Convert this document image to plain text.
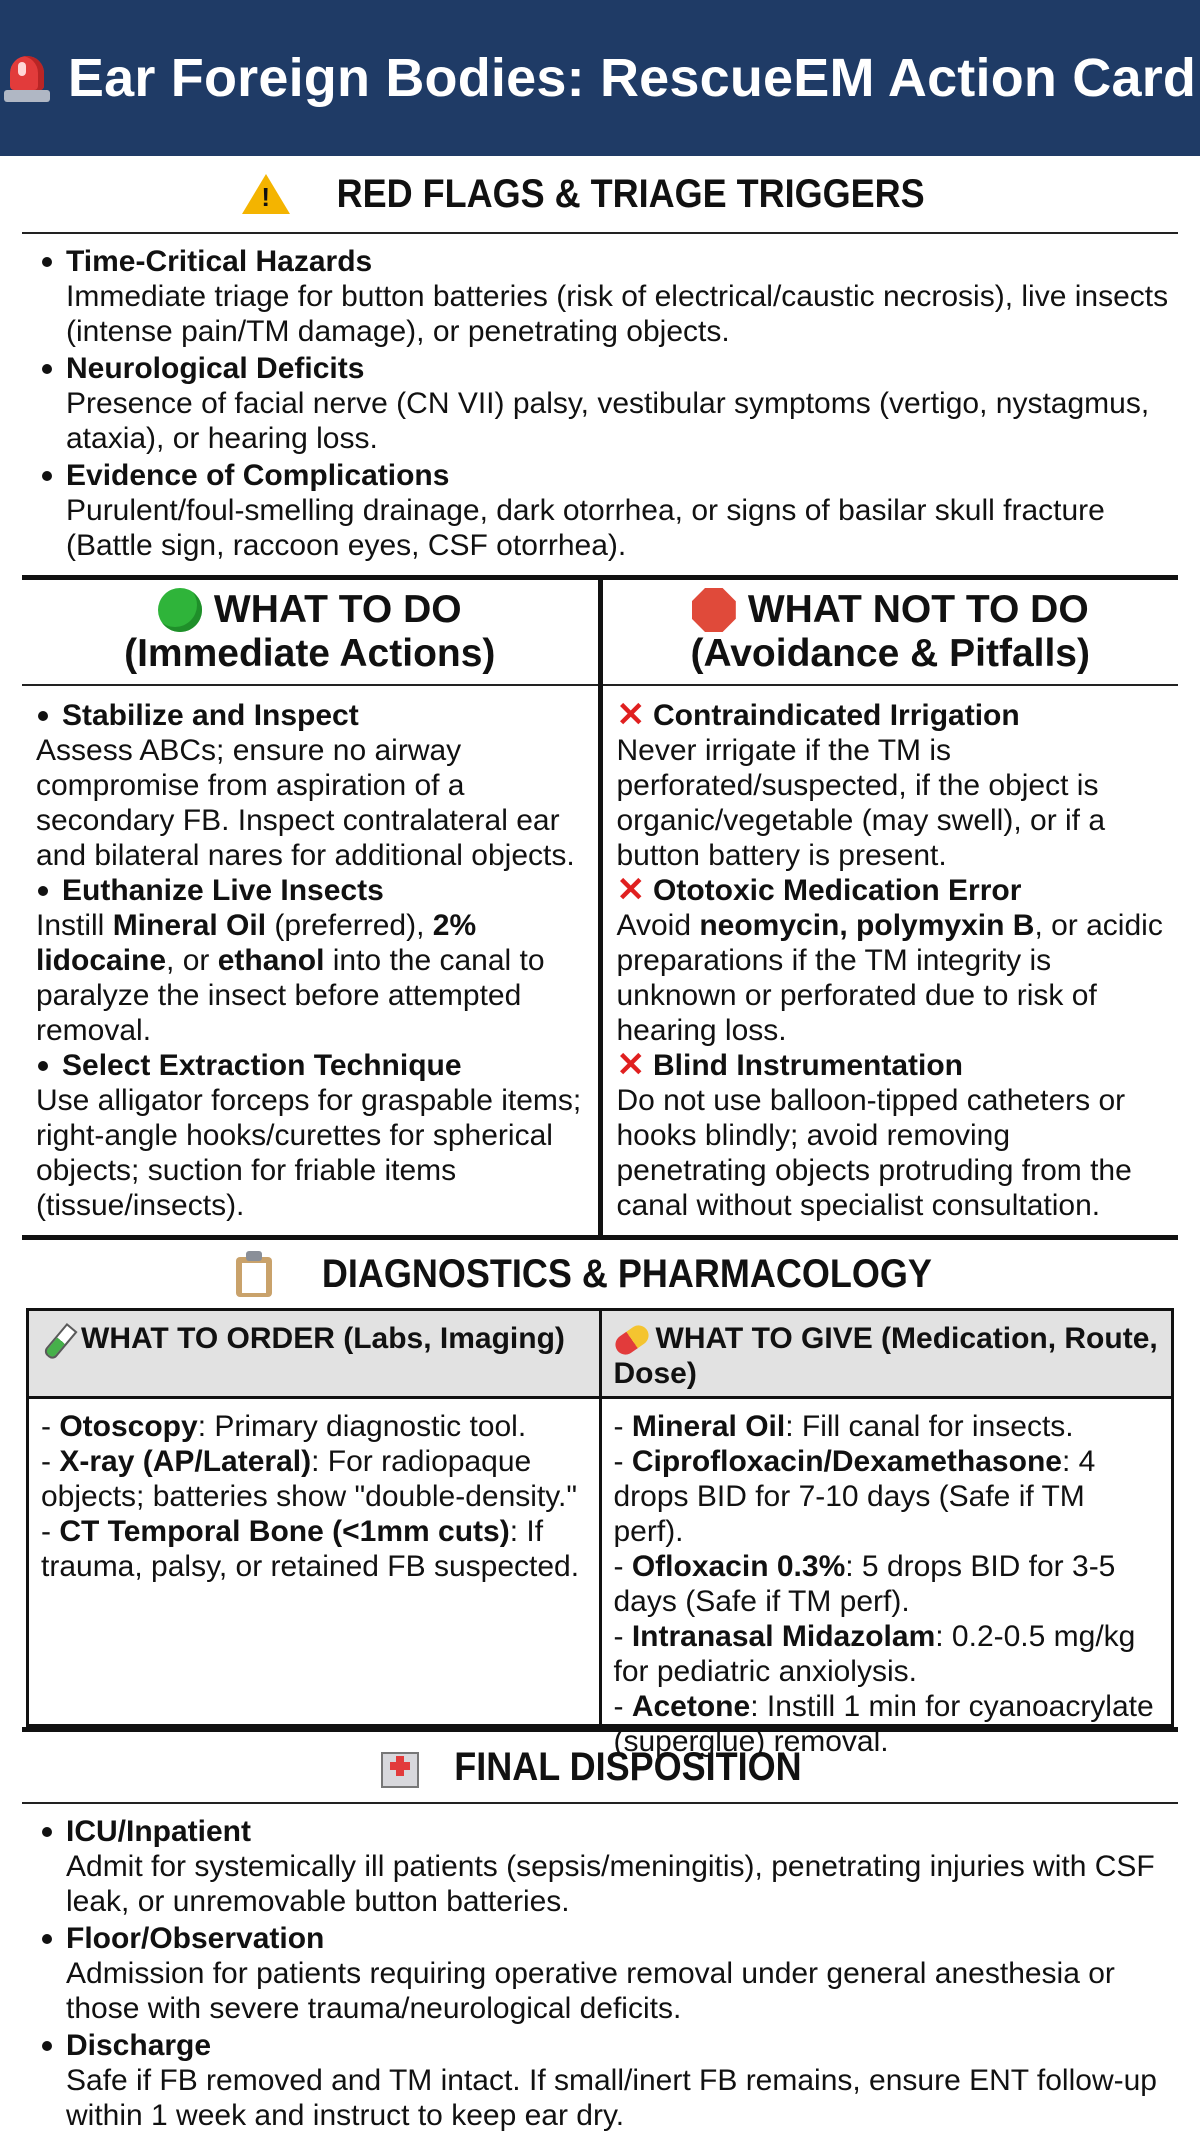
Ear Foreign Bodies: RescueEM Action Card
! RED FLAGS & TRIAGE TRIGGERS
Time-Critical Hazards
Immediate triage for button batteries (risk of electrical/caustic necrosis), live insects (intense pain/TM damage), or penetrating objects.
Neurological Deficits
Presence of facial nerve (CN VII) palsy, vestibular symptoms (vertigo, nystagmus, ataxia), or hearing loss.
Evidence of Complications
Purulent/foul-smelling drainage, dark otorrhea, or signs of basilar skull fracture (Battle sign, raccoon eyes, CSF otorrhea).
WHAT TO DO
(Immediate Actions)

Stabilize and Inspect

Assess ABCs; ensure no airway compromise from aspiration of a secondary FB. Inspect contralateral ear and bilateral nares for additional objects.

Euthanize Live Insects

Instill Mineral Oil (preferred), 2% lidocaine, or ethanol into the canal to paralyze the insect before attempted removal.

Select Extraction Technique

Use alligator forceps for graspable items; right-angle hooks/curettes for spherical objects; suction for friable items (tissue/insects).

WHAT NOT TO DO
(Avoidance & Pitfalls)

✕ Contraindicated Irrigation

Never irrigate if the TM is perforated/suspected, if the object is organic/vegetable (may swell), or if a button battery is present.

✕ Ototoxic Medication Error

Avoid neomycin, polymyxin B, or acidic preparations if the TM integrity is unknown or perforated due to risk of hearing loss.

✕ Blind Instrumentation

Do not use balloon-tipped catheters or hooks blindly; avoid removing penetrating objects protruding from the canal without specialist consultation.

DIAGNOSTICS & PHARMACOLOGY
WHAT TO ORDER (Labs, Imaging)

- Otoscopy: Primary diagnostic tool.

- X-ray (AP/Lateral): For radiopaque objects; batteries show "double-density."

- CT Temporal Bone (<1mm cuts): If trauma, palsy, or retained FB suspected.

WHAT TO GIVE (Medication, Route, Dose)

- Mineral Oil: Fill canal for insects.

- Ciprofloxacin/Dexamethasone: 4 drops BID for 7-10 days (Safe if TM perf).

- Ofloxacin 0.3%: 5 drops BID for 3-5 days (Safe if TM perf).

- Intranasal Midazolam: 0.2-0.5 mg/kg for pediatric anxiolysis.

- Acetone: Instill 1 min for cyanoacrylate (superglue) removal.

FINAL DISPOSITION
ICU/Inpatient
Admit for systemically ill patients (sepsis/meningitis), penetrating injuries with CSF leak, or unremovable button batteries.
Floor/Observation
Admission for patients requiring operative removal under general anesthesia or those with severe trauma/neurological deficits.
Discharge
Safe if FB removed and TM intact. If small/inert FB remains, ensure ENT follow-up within 1 week and instruct to keep ear dry.
